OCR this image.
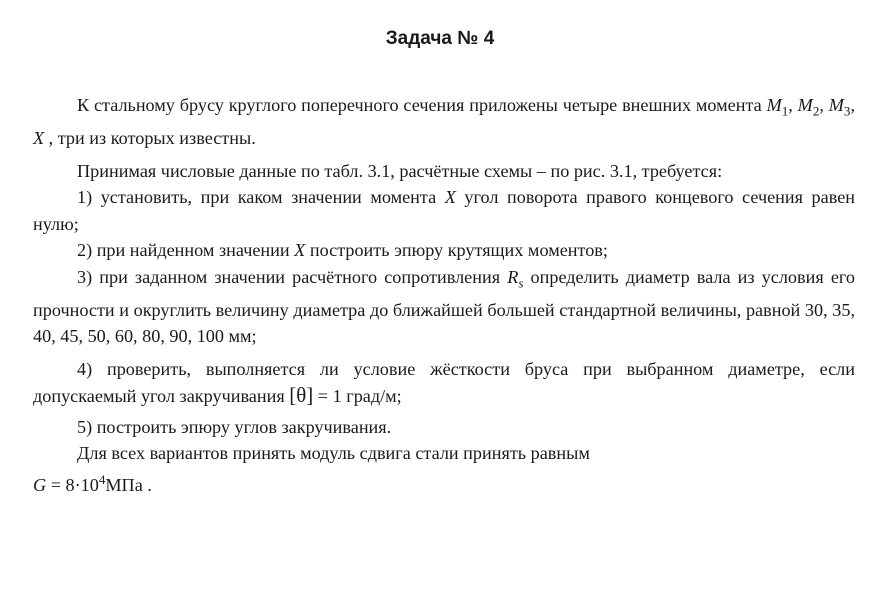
Задача № 4

К стальному брусу круглого поперечного сечения приложены четыре внешних момента $M_1$, $M_2$, $M_3$, X , три из которых известны.

Принимая числовые данные по табл. 3.1, расчётные схемы – по рис. 3.1, требуется:

1) установить, при каком значении момента X угол поворота правого концевого сечения равен нулю;

2) при найденном значении X построить эпюру крутящих моментов;

3) при заданном значении расчётного сопротивления $R_s$ определить диаметр вала из условия его прочности и округлить величину диаметра до ближайшей большей стандартной величины, равной 30, 35, 40, 45, 50, 60, 80, 90, 100 мм;

4) проверить, выполняется ли условие жёсткости бруса при выбранном диаметре, если допускаемый угол закручивания [θ] = 1 град/м;

5) построить эпюру углов закручивания.

Для всех вариантов принять модуль сдвига стали принять равным
$G = 8\cdot 10^4МПа$ .
